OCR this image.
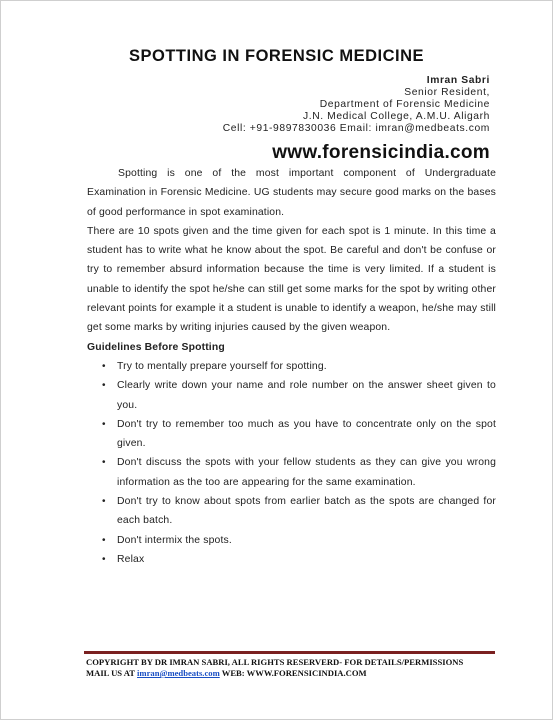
SPOTTING IN FORENSIC MEDICINE
Imran Sabri
Senior Resident,
Department of Forensic Medicine
J.N. Medical College, A.M.U. Aligarh
Cell: +91-9897830036 Email: imran@medbeats.com
www.forensicindia.com

Spotting is one of the most important component of Undergraduate Examination in Forensic Medicine. UG students may secure good marks on the bases of good performance in spot examination.

There are 10 spots given and the time given for each spot is 1 minute. In this time a student has to write what he know about the spot. Be careful and don't be confuse or try to remember absurd information because the time is very limited. If a student is unable to identify the spot he/she can still get some marks for the spot by writing other relevant points for example it a student is unable to identify a weapon, he/she may still get some marks by writing injuries caused by the given weapon.

Guidelines Before Spotting

• Try to mentally prepare yourself for spotting.
• Clearly write down your name and role number on the answer sheet given to you.
• Don't try to remember too much as you have to concentrate only on the spot given.
• Don't discuss the spots with your fellow students as they can give you wrong information as the too are appearing for the same examination.
• Don't try to know about spots from earlier batch as the spots are changed for each batch.
• Don't intermix the spots.
• Relax
COPYRIGHT BY DR IMRAN SABRI, ALL RIGHTS RESERVERD- FOR DETAILS/PERMISSIONS
MAIL US AT imran@medbeats.com WEB: WWW.FORENSICINDIA.COM
